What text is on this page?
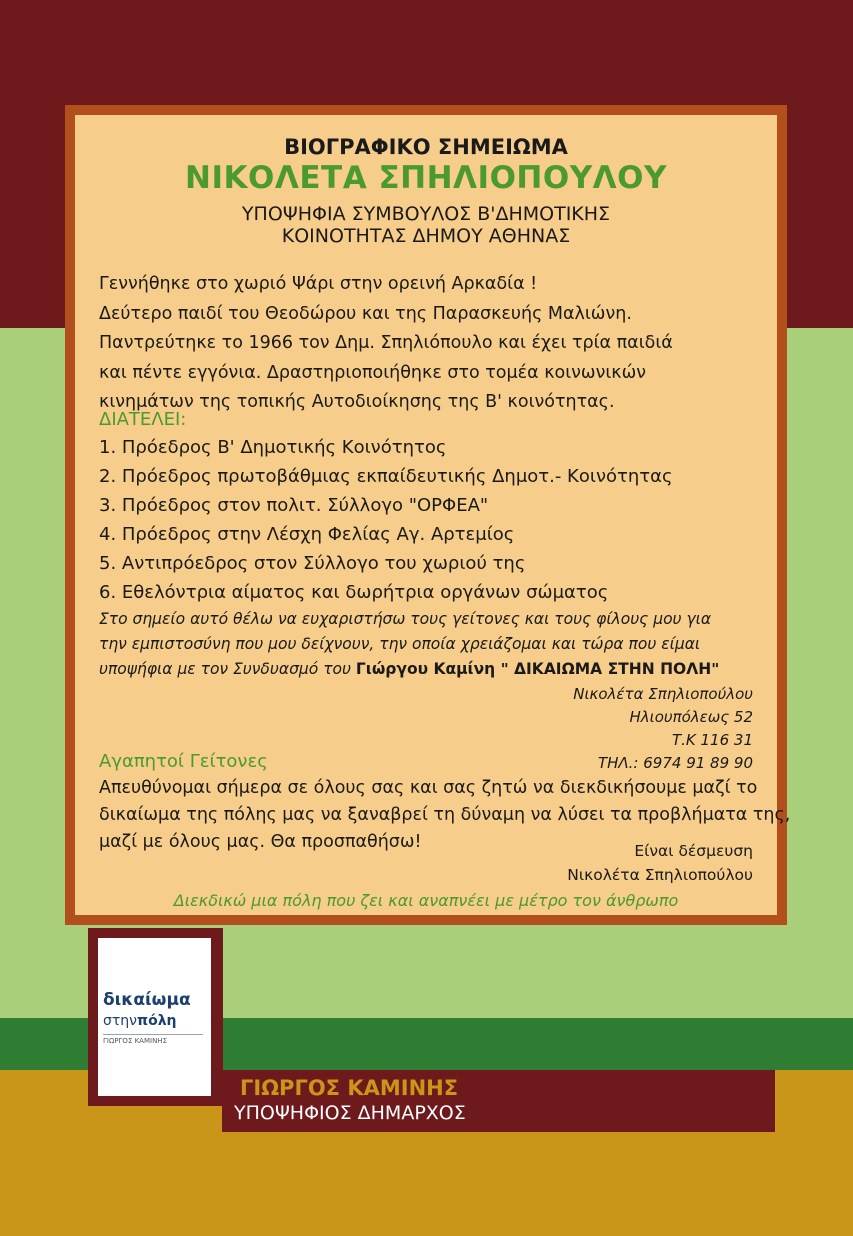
ΒΙΟΓΡΑΦΙΚΟ ΣΗΜΕΙΩΜΑ
ΝΙΚΟΛΕΤΑ ΣΠΗΛΙΟΠΟΥΛΟΥ
ΥΠΟΨΗΦΙΑ ΣΥΜΒΟΥΛΟΣ Β'ΔΗΜΟΤΙΚΗΣ
ΚΟΙΝΟΤΗΤΑΣ ΔΗΜΟΥ ΑΘΗΝΑΣ
Γεννήθηκε στο χωριό Ψάρι στην ορεινή Αρκαδία !
Δεύτερο παιδί του Θεοδώρου και της Παρασκευής Μαλιώνη.
Παντρεύτηκε το 1966 τον Δημ. Σπηλιόπουλο και έχει τρία παιδιά
και πέντε εγγόνια. Δραστηριοποιήθηκε στο τομέα κοινωνικών
κινημάτων της τοπικής Αυτοδιοίκησης της Β' κοινότητας.
ΔΙΑΤΕΛΕΙ:
1. Πρόεδρος Β' Δημοτικής Κοινότητος
2. Πρόεδρος πρωτοβάθμιας εκπαίδευτικής Δημοτ.- Κοινότητας
3. Πρόεδρος στον πολιτ. Σύλλογο "ΟΡΦΕΑ"
4. Πρόεδρος στην Λέσχη Φελίας Αγ. Αρτεμίος
5. Αντιπρόεδρος στον Σύλλογο του χωριού της
6. Εθελόντρια αίματος και δωρήτρια οργάνων σώματος
Στο σημείο αυτό θέλω να ευχαριστήσω τους γείτονες και τους φίλους μου για
την εμπιστοσύνη που μου δείχνουν, την οποία χρειάζομαι και τώρα που είμαι
υποψήφια με τον Συνδυασμό του Γιώργου Καμίνη " ΔΙΚΑΙΩΜΑ ΣΤΗΝ ΠΟΛΗ"
Νικολέτα Σπηλιοπούλου
Ηλιουπόλεως 52
Τ.Κ 116 31
ΤΗΛ.: 6974 91 89 90
Αγαπητοί Γείτονες
Απευθύνομαι σήμερα σε όλους σας και σας ζητώ να διεκδικήσουμε μαζί το
δικαίωμα της πόλης μας να ξαναβρεί τη δύναμη να λύσει τα προβλήματα της,
μαζί με όλους μας. Θα προσπαθήσω!	Είναι δέσμευση
Νικολέτα Σπηλιοπούλου
Διεκδικώ μια πόλη που ζει και αναπνέει με μέτρο τον άνθρωπο
δικαίωμα
στηνπόλη
ΓΙΩΡΓΟΣ ΚΑΜΙΝΗΣ
ΓΙΩΡΓΟΣ ΚΑΜΙΝΗΣ
ΥΠΟΨΗΦΙΟΣ ΔΗΜΑΡΧΟΣ
